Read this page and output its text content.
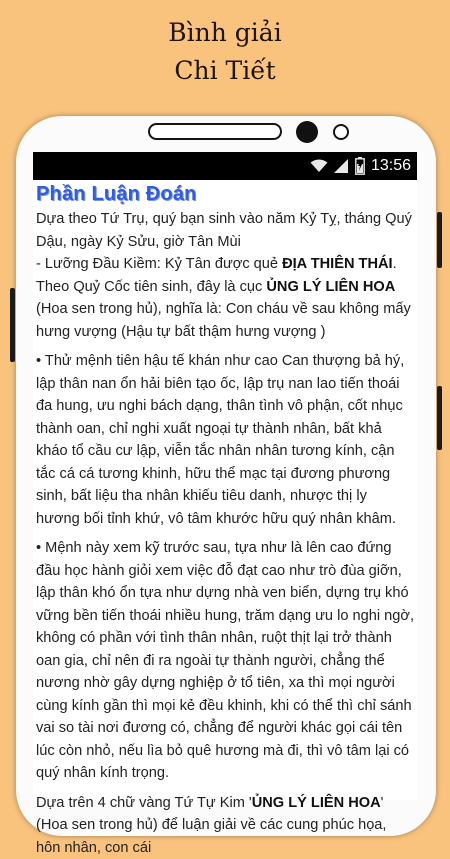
Bình giải
Chi Tiết
13:56
Phần Luận Đoán

Dựa theo Tứ Trụ, quý bạn sinh vào năm Kỷ Tỵ, tháng Quý Dậu, ngày Kỷ Sửu, giờ Tân Mùi
- Lưỡng Đầu Kiềm: Kỷ Tân được quẻ ĐỊA THIÊN THÁI. Theo Quỷ Cốc tiên sinh, đây là cục ỦNG LÝ LIÊN HOA (Hoa sen trong hủ), nghĩa là: Con cháu về sau không mấy hưng vượng (Hậu tự bất thậm hưng vượng )

• Thử mệnh tiên hậu tế khán như cao Can thượng bả hý, lập thân nan ổn hải biên tạo ốc, lập trụ nan lao tiến thoái đa hung, ưu nghi bách dạng, thân tình vô phận, cốt nhục thành oan, chỉ nghi xuất ngoại tự thành nhân, bất khả kháo tổ cầu cư lập, viễn tắc nhân nhân tương kính, cận tắc cá cá tương khinh, hữu thể mạc tại đương phương sinh, bất liệu tha nhân khiếu tiêu danh, nhược thị ly hương bối tỉnh khứ, vô tâm khước hữu quý nhân khâm.

• Mệnh này xem kỹ trước sau, tựa như là lên cao đứng đầu học hành giỏi xem việc đỗ đạt cao như trò đùa giỡn, lập thân khó ổn tựa như dựng nhà ven biển, dựng trụ khó vững bền tiến thoái nhiều hung, trăm dạng ưu lo nghi ngờ, không có phần với tình thân nhân, ruột thịt lại trở thành oan gia, chỉ nên đi ra ngoài tự thành người, chẳng thể nương nhờ gây dựng nghiệp ở tổ tiên, xa thì mọi người cùng kính gần thì mọi kẻ đều khinh, khi có thể thì chỉ sánh vai so tài nơi đương có, chẳng để người khác gọi cái tên lúc còn nhỏ, nếu lìa bỏ quê hương mà đi, thì vô tâm lại có quý nhân kính trọng.

Dựa trên 4 chữ vàng Tứ Tự Kim 'ỦNG LÝ LIÊN HOA' (Hoa sen trong hủ) để luận giải về các cung phúc họa, hôn nhân, con cái
